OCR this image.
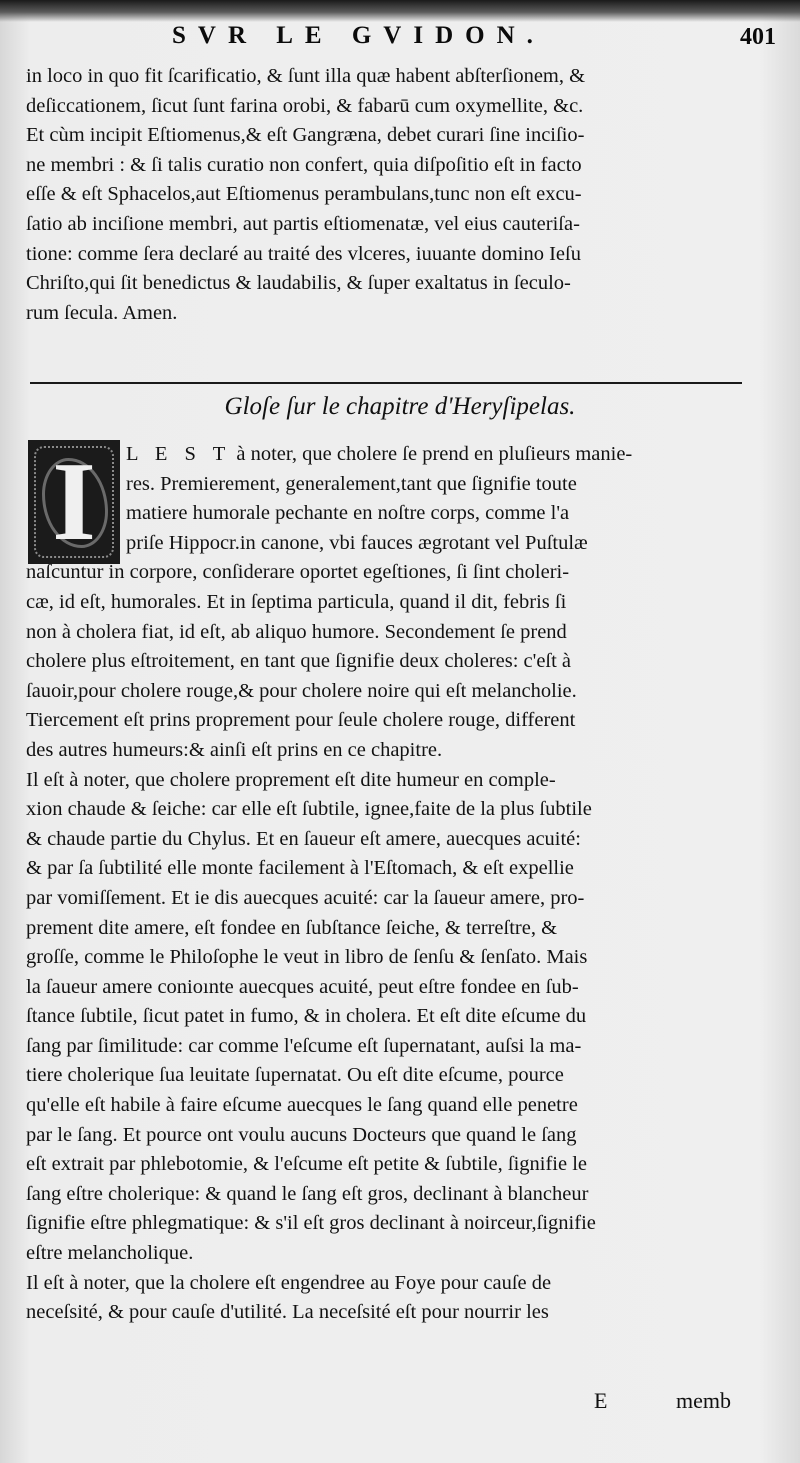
SVR LE GVIDON.	401
in loco in quo fit ſcarificatio, & ſunt illa quæ habent abſterſionem, &
deſiccationem, ſicut ſunt farina orobi, & fabarū cum oxymellite, &c.
Et cùm incipit Eſtiomenus,& eſt Gangræna, debet curari ſine inciſio-
ne membri : & ſi talis curatio non confert, quia diſpoſitio eſt in facto
eſſe & eſt Sphacelos,aut Eſtiomenus perambulans,tunc non eſt excu-
ſatio ab inciſione membri, aut partis eſtiomenatæ, vel eius cauteriſa-
tione: comme ſera declaré au traité des vlceres, iuuante domino Ieſu
Chriſto,qui ſit benedictus & laudabilis, & ſuper exaltatus in ſeculo-
rum ſecula. Amen.
Gloſe ſur le chapitre d'Heryſipelas.
I	L E S T à noter, que cholere ſe prend en pluſieurs manie-
res. Premierement, generalement,tant que ſignifie toute
matiere humorale pechante en noſtre corps, comme l'a
priſe Hippocr.in canone, vbi fauces ægrotant vel Puſtulæ
naſcuntur in corpore, conſiderare oportet egeſtiones, ſi ſint choleri-
cæ, id eſt, humorales. Et in ſeptima particula, quand il dit, febris ſi
non à cholera fiat, id eſt, ab aliquo humore. Secondement ſe prend
cholere plus eſtroitement, en tant que ſignifie deux choleres: c'eſt à
ſauoir,pour cholere rouge,& pour cholere noire qui eſt melancholie.
Tiercement eſt prins proprement pour ſeule cholere rouge, different
des autres humeurs:& ainſi eſt prins en ce chapitre.
Il eſt à noter, que cholere proprement eſt dite humeur en comple-
xion chaude & ſeiche: car elle eſt ſubtile, ignee,faite de la plus ſubtile
& chaude partie du Chylus. Et en ſaueur eſt amere, auecques acuité:
& par ſa ſubtilité elle monte facilement à l'Eſtomach, & eſt expellie
par vomiſſement. Et ie dis auecques acuité: car la ſaueur amere, pro-
prement dite amere, eſt fondee en ſubſtance ſeiche, & terreſtre, &
groſſe, comme le Philoſophe le veut in libro de ſenſu & ſenſato. Mais
la ſaueur amere conioınte auecques acuité, peut eſtre fondee en ſub-
ſtance ſubtile, ſicut patet in fumo, & in cholera. Et eſt dite eſcume du
ſang par ſimilitude: car comme l'eſcume eſt ſupernatant, auſsi la ma-
tiere cholerique ſua leuitate ſupernatat. Ou eſt dite eſcume, pource
qu'elle eſt habile à faire eſcume auecques le ſang quand elle penetre
par le ſang. Et pource ont voulu aucuns Docteurs que quand le ſang
eſt extrait par phlebotomie, & l'eſcume eſt petite & ſubtile, ſignifie le
ſang eſtre cholerique: & quand le ſang eſt gros, declinant à blancheur
ſignifie eſtre phlegmatique: & s'il eſt gros declinant à noirceur,ſignifie
eſtre melancholique.
Il eſt à noter, que la cholere eſt engendree au Foye pour cauſe de
neceſsité, & pour cauſe d'utilité. La neceſsité eſt pour nourrir les
E	memb
